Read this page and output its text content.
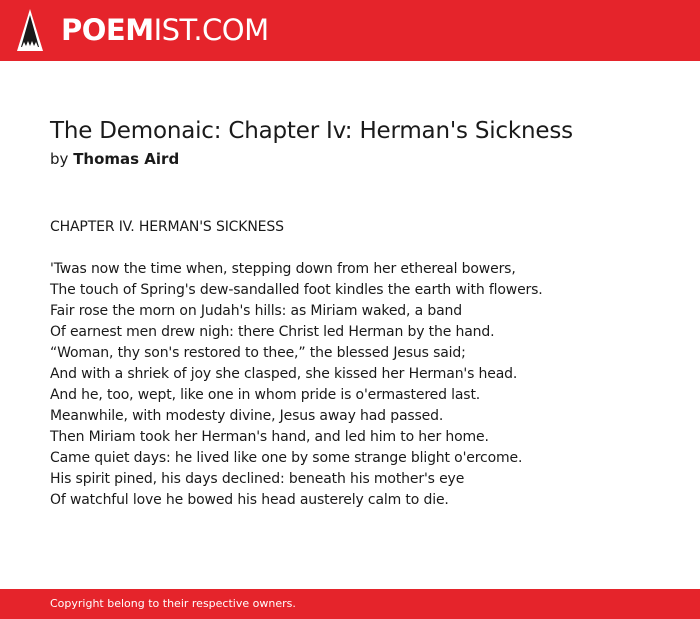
POEMIST.COM
The Demonaic: Chapter Iv: Herman's Sickness
by Thomas Aird
CHAPTER IV. HERMAN'S SICKNESS
'Twas now the time when, stepping down from her ethereal bowers,
The touch of Spring's dew-sandalled foot kindles the earth with flowers.
Fair rose the morn on Judah's hills: as Miriam waked, a band
Of earnest men drew nigh: there Christ led Herman by the hand.
“Woman, thy son's restored to thee,” the blessed Jesus said;
And with a shriek of joy she clasped, she kissed her Herman's head.
And he, too, wept, like one in whom pride is o'ermastered last.
Meanwhile, with modesty divine, Jesus away had passed.
Then Miriam took her Herman's hand, and led him to her home.
Came quiet days: he lived like one by some strange blight o'ercome.
His spirit pined, his days declined: beneath his mother's eye
Of watchful love he bowed his head austerely calm to die.
Copyright belong to their respective owners.
